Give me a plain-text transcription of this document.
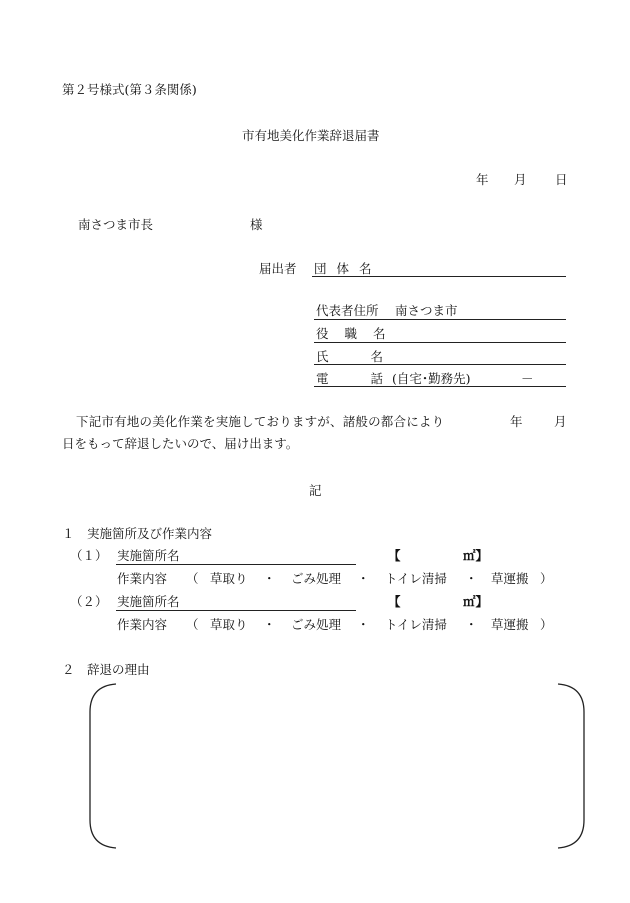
第２号様式(第３条関係)
市有地美化作業辞退届書
年 月 日
南さつま市長	様
届出者 団 体 名
代表者住所 南さつま市
役 職 名
氏 名
電 話 (自宅･勤務先)	－
下記市有地の美化作業を実施しておりますが、諸般の都合により	年	月
日をもって辞退したいので、届け出ます。
記
１　実施箇所及び作業内容
（１） 実施箇所名	【	㎡】
作業内容 （ 草取り ・ ごみ処理 ・ トイレ清掃 ・ 草運搬 ）
（２） 実施箇所名	【	㎡】
作業内容 （ 草取り ・ ごみ処理 ・ トイレ清掃 ・ 草運搬 ）
２　辞退の理由
